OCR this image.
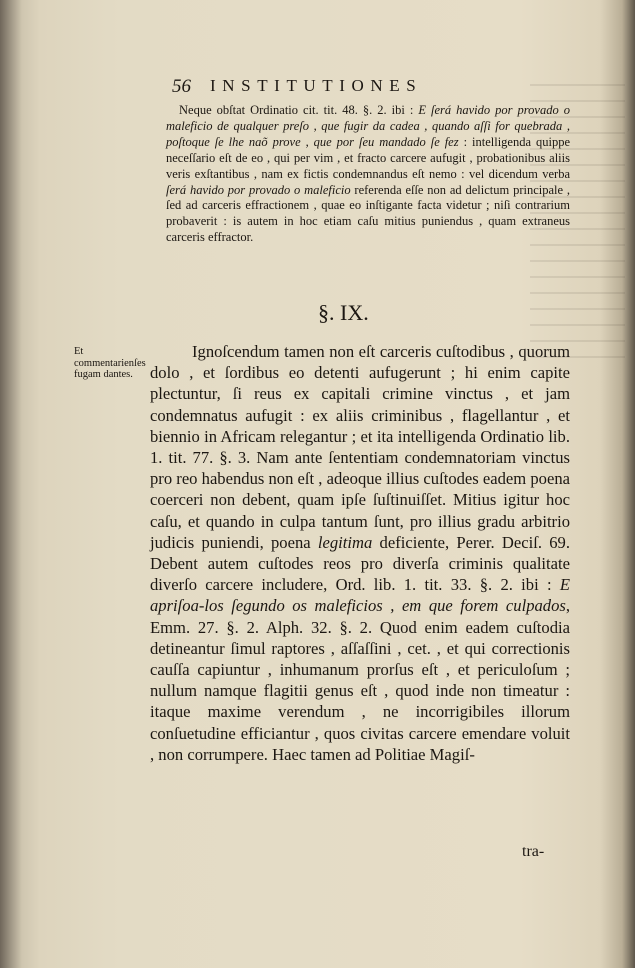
56 INSTITUTIONES

Neque obſtat Ordinatio cit. tit. 48. §. 2. ibi : E ſerá havido por provado o maleficio de qualquer preſo , que fugir da cadea , quando aſſi for quebrada , poſtoque ſe lhe naõ prove , que por ſeu mandado ſe fez : intelligenda quippe neceſſario eſt de eo , qui per vim , et fracto carcere aufugit , probationibus aliis veris exſtantibus , nam ex fictis condemnandus eſt nemo : vel dicendum verba ſerá havido por provado o maleficio referenda eſſe non ad delictum principale , ſed ad carceris effractionem , quae eo inſtigante facta videtur ; niſi contrarium probaverit : is autem in hoc etiam caſu mitius puniendus , quam extraneus carceris effractor.

§. IX.
Et commentarienſes fugam dantes.

Ignoſcendum tamen non eſt carceris cuſtodibus , quorum dolo , et ſordibus eo detenti aufugerunt ; hi enim capite plectuntur, ſi reus ex capitali crimine vinctus , et jam condemnatus aufugit : ex aliis criminibus , flagellantur , et biennio in Africam relegantur ; et ita intelligenda Ordinatio lib. 1. tit. 77. §. 3. Nam ante ſententiam condemnatoriam vinctus pro reo habendus non eſt , adeoque illius cuſtodes eadem poena coerceri non debent, quam ipſe ſuſtinuiſſet. Mitius igitur hoc caſu, et quando in culpa tantum ſunt, pro illius gradu arbitrio judicis puniendi, poena legitima deficiente, Perer. Deciſ. 69. Debent autem cuſtodes reos pro diverſa criminis qualitate diverſo carcere includere, Ord. lib. 1. tit. 33. §. 2. ibi : E apriſoa-los ſegundo os maleficios , em que forem culpados, Emm. 27. §. 2. Alph. 32. §. 2. Quod enim eadem cuſtodia detineantur ſimul raptores , aſſaſſini , cet. , et qui correctionis cauſſa capiuntur , inhumanum prorſus eſt , et periculoſum ; nullum namque flagitii genus eſt , quod inde non timeatur : itaque maxime verendum , ne incorrigibiles illorum conſuetudine efficiantur , quos civitas carcere emendare voluit , non corrumpere. Haec tamen ad Politiae Magiſ-

tra-
